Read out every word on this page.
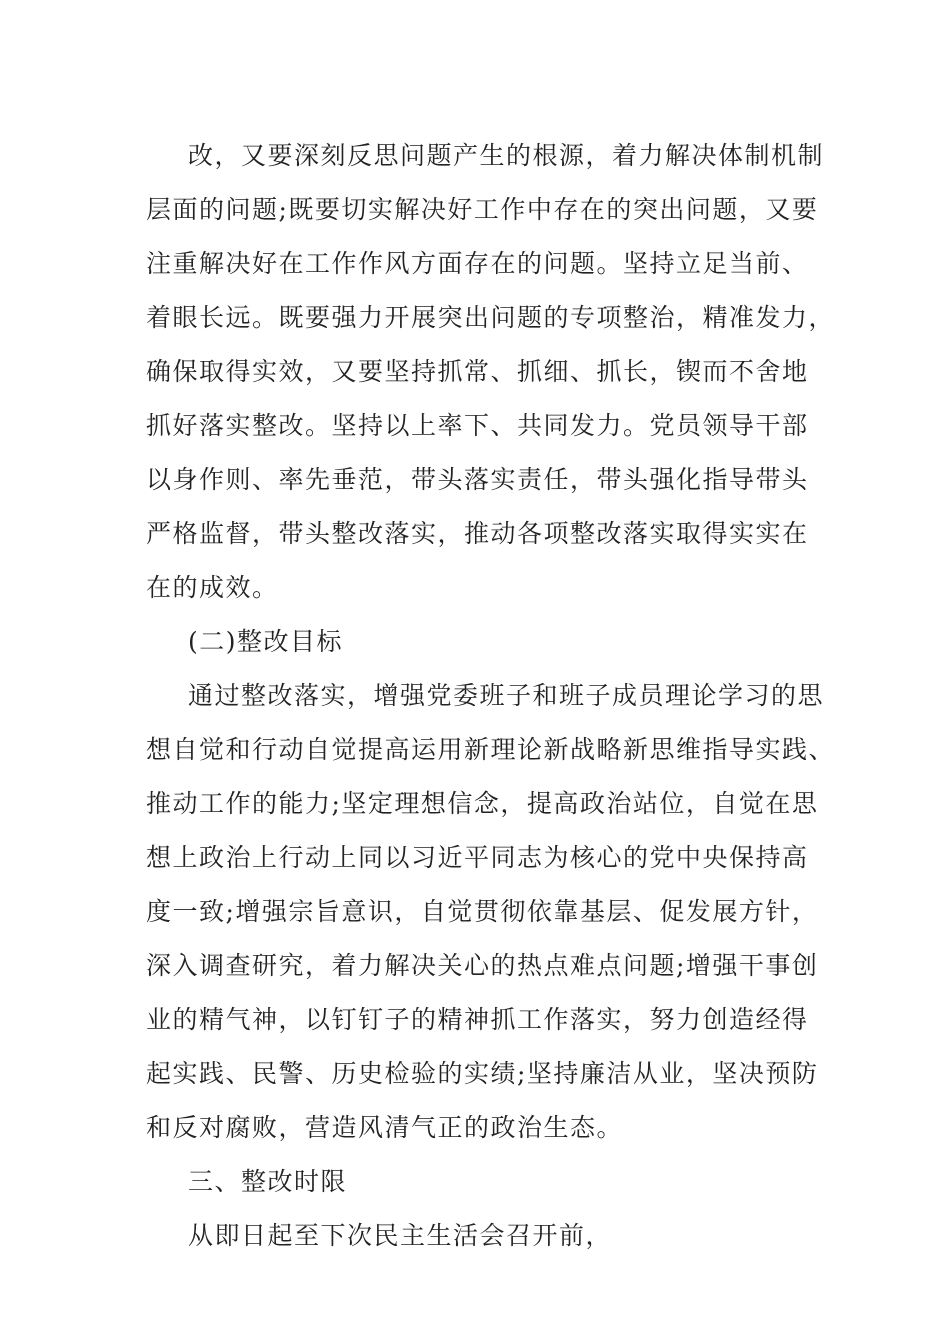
改，又要深刻反思问题产生的根源，着力解决体制机制
层面的问题;既要切实解决好工作中存在的突出问题，又要
注重解决好在工作作风方面存在的问题。坚持立足当前、
着眼长远。既要强力开展突出问题的专项整治，精准发力，
确保取得实效，又要坚持抓常、抓细、抓长，锲而不舍地
抓好落实整改。坚持以上率下、共同发力。党员领导干部
以身作则、率先垂范，带头落实责任，带头强化指导带头
严格监督，带头整改落实，推动各项整改落实取得实实在
在的成效。
(二)整改目标
通过整改落实，增强党委班子和班子成员理论学习的思
想自觉和行动自觉提高运用新理论新战略新思维指导实践、
推动工作的能力;坚定理想信念，提高政治站位，自觉在思
想上政治上行动上同以习近平同志为核心的党中央保持高
度一致;增强宗旨意识，自觉贯彻依靠基层、促发展方针，
深入调查研究，着力解决关心的热点难点问题;增强干事创
业的精气神，以钉钉子的精神抓工作落实，努力创造经得
起实践、民警、历史检验的实绩;坚持廉洁从业，坚决预防
和反对腐败，营造风清气正的政治生态。
三、整改时限
从即日起至下次民主生活会召开前，
